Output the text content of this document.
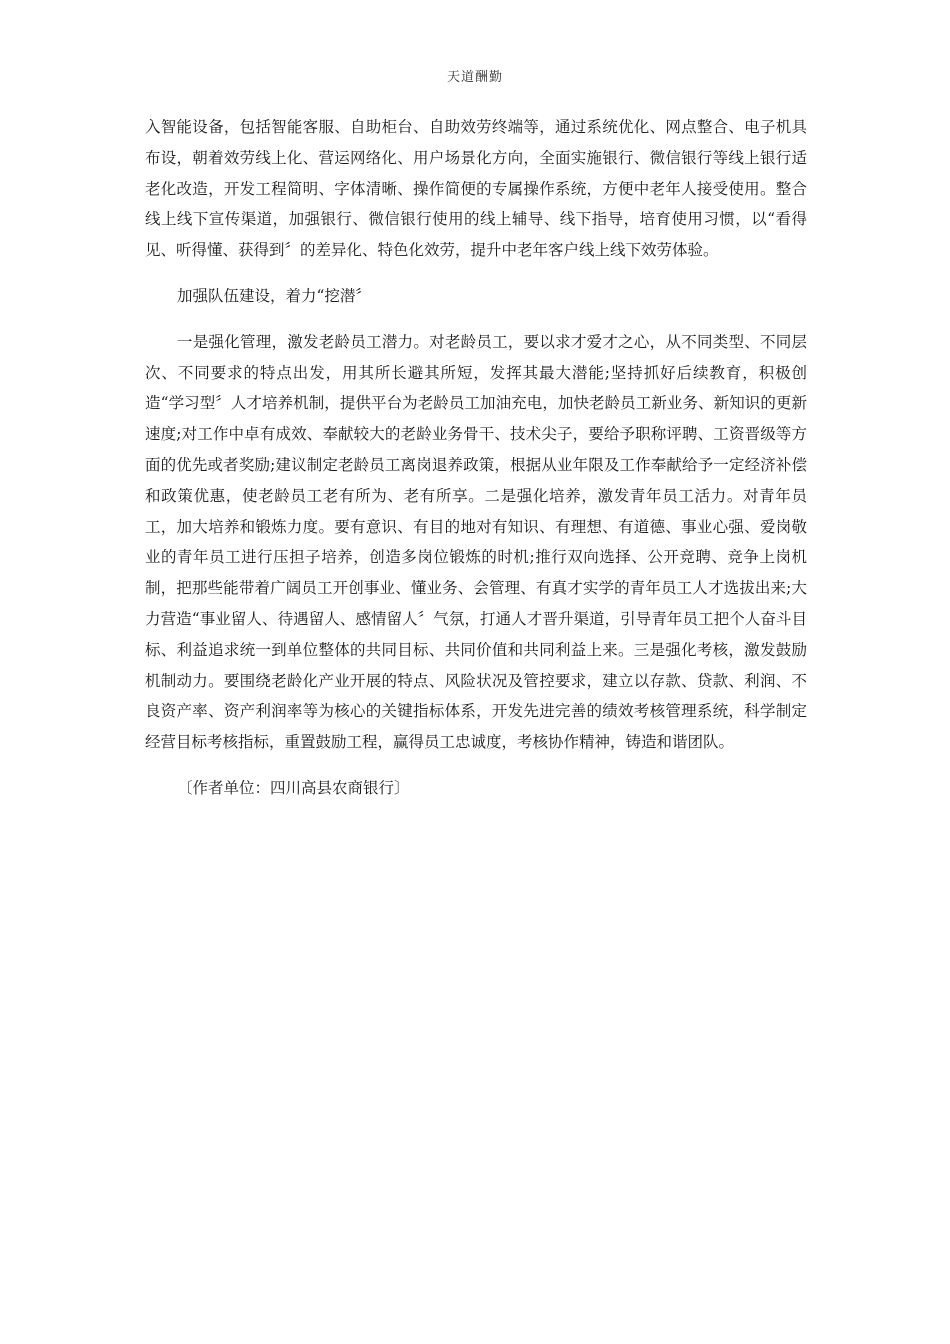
天道酬勤

入智能设备，包括智能客服、自助柜台、自助效劳终端等，通过系统优化、网点整合、电子机具布设，朝着效劳线上化、营运网络化、用户场景化方向，全面实施银行、微信银行等线上银行适老化改造，开发工程简明、字体清晰、操作简便的专属操作系统，方便中老年人接受使用。整合线上线下宣传渠道，加强银行、微信银行使用的线上辅导、线下指导，培育使用习惯，以“看得见、听得懂、获得到〞的差异化、特色化效劳，提升中老年客户线上线下效劳体验。

加强队伍建设，着力“挖潜〞

一是强化管理，激发老龄员工潜力。对老龄员工，要以求才爱才之心，从不同类型、不同层次、不同要求的特点出发，用其所长避其所短，发挥其最大潜能;坚持抓好后续教育，积极创造“学习型〞人才培养机制，提供平台为老龄员工加油充电，加快老龄员工新业务、新知识的更新速度;对工作中卓有成效、奉献较大的老龄业务骨干、技术尖子，要给予职称评聘、工资晋级等方面的优先或者奖励;建议制定老龄员工离岗退养政策，根据从业年限及工作奉献给予一定经济补偿和政策优惠，使老龄员工老有所为、老有所享。二是强化培养，激发青年员工活力。对青年员工，加大培养和锻炼力度。要有意识、有目的地对有知识、有理想、有道德、事业心强、爱岗敬业的青年员工进行压担子培养，创造多岗位锻炼的时机;推行双向选择、公开竞聘、竞争上岗机制，把那些能带着广阔员工开创事业、懂业务、会管理、有真才实学的青年员工人才选拔出来;大力营造“事业留人、待遇留人、感情留人〞气氛，打通人才晋升渠道，引导青年员工把个人奋斗目标、利益追求统一到单位整体的共同目标、共同价值和共同利益上来。三是强化考核，激发鼓励机制动力。要围绕老龄化产业开展的特点、风险状况及管控要求，建立以存款、贷款、利润、不良资产率、资产利润率等为核心的关键指标体系，开发先进完善的绩效考核管理系统，科学制定经营目标考核指标，重置鼓励工程，赢得员工忠诚度，考核协作精神，铸造和谐团队。

〔作者单位：四川高县农商银行〕
